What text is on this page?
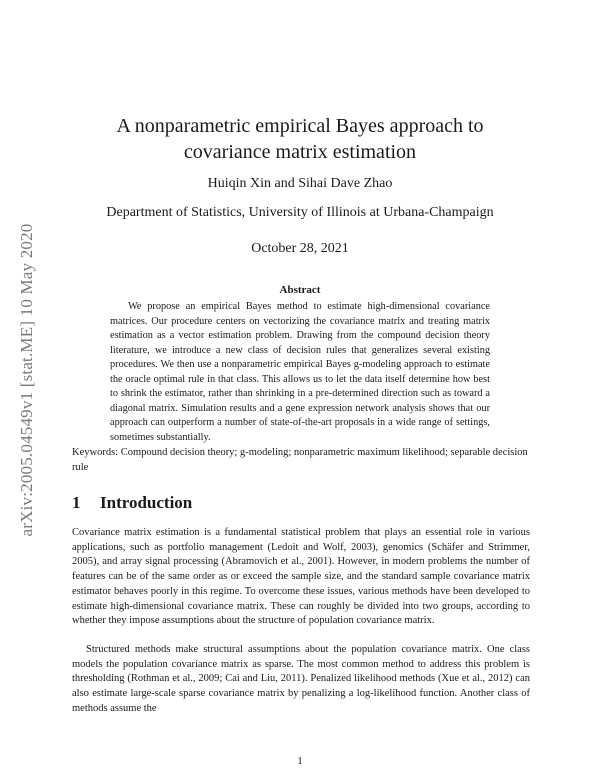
arXiv:2005.04549v1 [stat.ME] 10 May 2020
A nonparametric empirical Bayes approach to covariance matrix estimation
Huiqin Xin and Sihai Dave Zhao
Department of Statistics, University of Illinois at Urbana-Champaign
October 28, 2021
Abstract

We propose an empirical Bayes method to estimate high-dimensional covariance matrices. Our procedure centers on vectorizing the covariance matrix and treating matrix estimation as a vector estimation problem. Drawing from the compound decision theory literature, we introduce a new class of decision rules that generalizes several existing procedures. We then use a nonparametric empirical Bayes g-modeling approach to estimate the oracle optimal rule in that class. This allows us to let the data itself determine how best to shrink the estimator, rather than shrinking in a pre-determined direction such as toward a diagonal matrix. Simulation results and a gene expression network analysis shows that our approach can outperform a number of state-of-the-art proposals in a wide range of settings, sometimes substantially.

Keywords: Compound decision theory; g-modeling; nonparametric maximum likelihood; separable decision rule

1 Introduction

Covariance matrix estimation is a fundamental statistical problem that plays an essential role in various applications, such as portfolio management (Ledoit and Wolf, 2003), genomics (Schäfer and Strimmer, 2005), and array signal processing (Abramovich et al., 2001). However, in modern problems the number of features can be of the same order as or exceed the sample size, and the standard sample covariance matrix estimator behaves poorly in this regime. To overcome these issues, various methods have been developed to estimate high-dimensional covariance matrix. These can roughly be divided into two groups, according to whether they impose assumptions about the structure of population covariance matrix.

Structured methods make structural assumptions about the population covariance matrix. One class models the population covariance matrix as sparse. The most common method to address this problem is thresholding (Rothman et al., 2009; Cai and Liu, 2011). Penalized likelihood methods (Xue et al., 2012) can also estimate large-scale sparse covariance matrix by penalizing a log-likelihood function. Another class of methods assume the

1
